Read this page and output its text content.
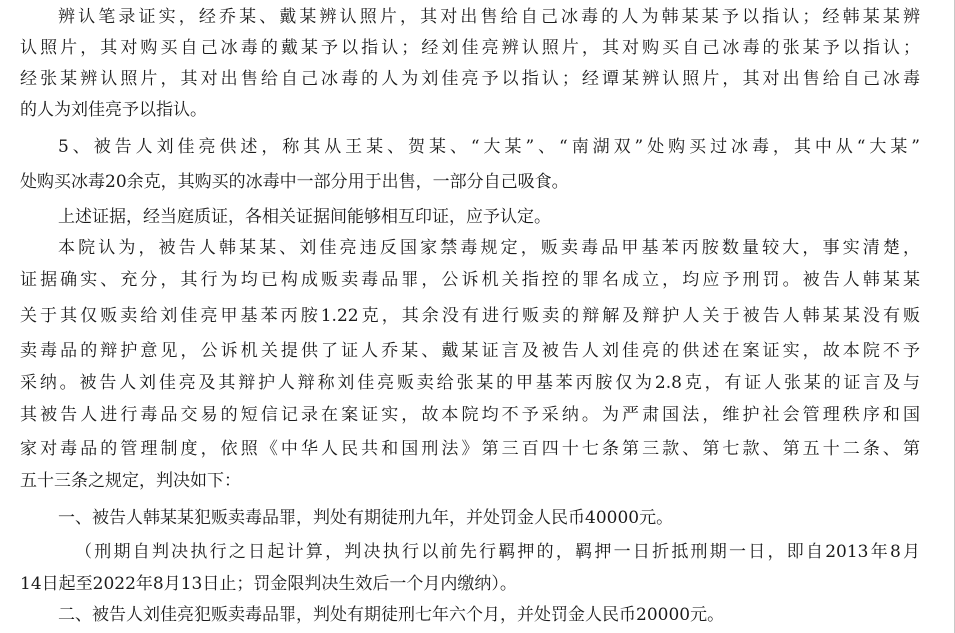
辨认笔录证实，经乔某、戴某辨认照片，其对出售给自己冰毒的人为韩某某予以指认；经韩某某辨
认照片，其对购买自己冰毒的戴某予以指认；经刘佳亮辨认照片，其对购买自己冰毒的张某予以指认；
经张某辨认照片，其对出售给自己冰毒的人为刘佳亮予以指认；经谭某辨认照片，其对出售给自己冰毒
的人为刘佳亮予以指认。
5、被告人刘佳亮供述，称其从王某、贺某、“大某”、“南湖双”处购买过冰毒，其中从“大某”
处购买冰毒20余克，其购买的冰毒中一部分用于出售，一部分自己吸食。
上述证据，经当庭质证，各相关证据间能够相互印证，应予认定。
本院认为，被告人韩某某、刘佳亮违反国家禁毒规定，贩卖毒品甲基苯丙胺数量较大，事实清楚，
证据确实、充分，其行为均已构成贩卖毒品罪，公诉机关指控的罪名成立，均应予刑罚。被告人韩某某
关于其仅贩卖给刘佳亮甲基苯丙胺1.22克，其余没有进行贩卖的辩解及辩护人关于被告人韩某某没有贩
卖毒品的辩护意见，公诉机关提供了证人乔某、戴某证言及被告人刘佳亮的供述在案证实，故本院不予
采纳。被告人刘佳亮及其辩护人辩称刘佳亮贩卖给张某的甲基苯丙胺仅为2.8克，有证人张某的证言及与
其被告人进行毒品交易的短信记录在案证实，故本院均不予采纳。为严肃国法，维护社会管理秩序和国
家对毒品的管理制度，依照《中华人民共和国刑法》第三百四十七条第三款、第七款、第五十二条、第
五十三条之规定，判决如下：
一、被告人韩某某犯贩卖毒品罪，判处有期徒刑九年，并处罚金人民币40000元。
（刑期自判决执行之日起计算，判决执行以前先行羁押的，羁押一日折抵刑期一日，即自2013年8月
14日起至2022年8月13日止；罚金限判决生效后一个月内缴纳）。
二、被告人刘佳亮犯贩卖毒品罪，判处有期徒刑七年六个月，并处罚金人民币20000元。
